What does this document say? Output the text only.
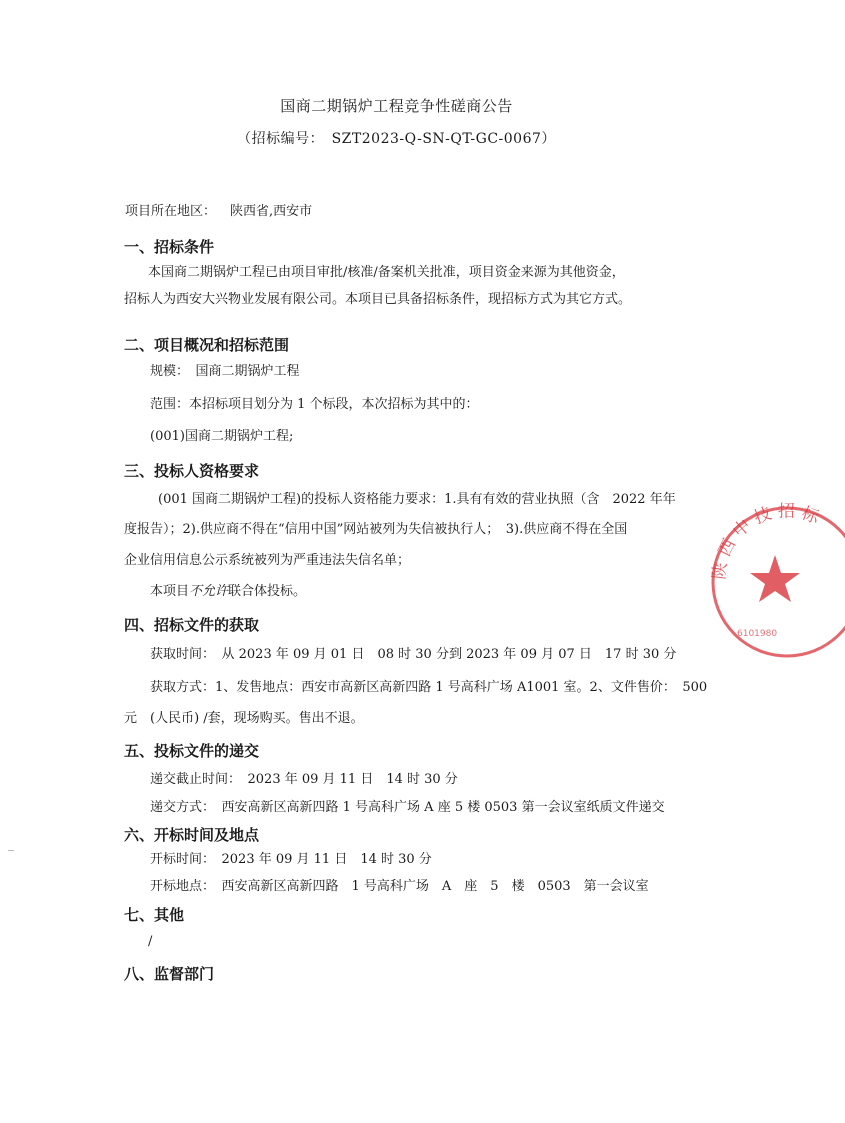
国商二期锅炉工程竞争性磋商公告
（招标编号：　SZT2023-Q-SN-QT-GC-0067）
项目所在地区： 陕西省,西安市
一、招标条件
本国商二期锅炉工程已由项目审批/核准/备案机关批准，项目资金来源为其他资金，
招标人为西安大兴物业发展有限公司。本项目已具备招标条件，现招标方式为其它方式。
二、项目概况和招标范围
规模：　国商二期锅炉工程
范围：本招标项目划分为 1 个标段，本次招标为其中的：
(001)国商二期锅炉工程;
三、投标人资格要求
(001 国商二期锅炉工程)的投标人资格能力要求：1.具有有效的营业执照（含　2022 年年
度报告）；2).供应商不得在“信用中国”网站被列为失信被执行人；　3).供应商不得在全国
企业信用信息公示系统被列为严重违法失信名单；
本项目不允许联合体投标。
四、招标文件的获取
获取时间：　从 2023 年 09 月 01 日　08 时 30 分到 2023 年 09 月 07 日　17 时 30 分
获取方式：1、发售地点：西安市高新区高新四路 1 号高科广场 A1001 室。2、文件售价：　500
元　(人民币) /套，现场购买。售出不退。
五、投标文件的递交
递交截止时间：　2023 年 09 月 11 日　14 时 30 分
递交方式：　西安高新区高新四路 1 号高科广场 A 座 5 楼 0503 第一会议室纸质文件递交
六、开标时间及地点
开标时间：　2023 年 09 月 11 日　14 时 30 分
开标地点：　西安高新区高新四路　1 号高科广场　A　座　5　楼　0503　第一会议室
七、其他
/
八、监督部门
陕 西 中 技 招 标
6101980
